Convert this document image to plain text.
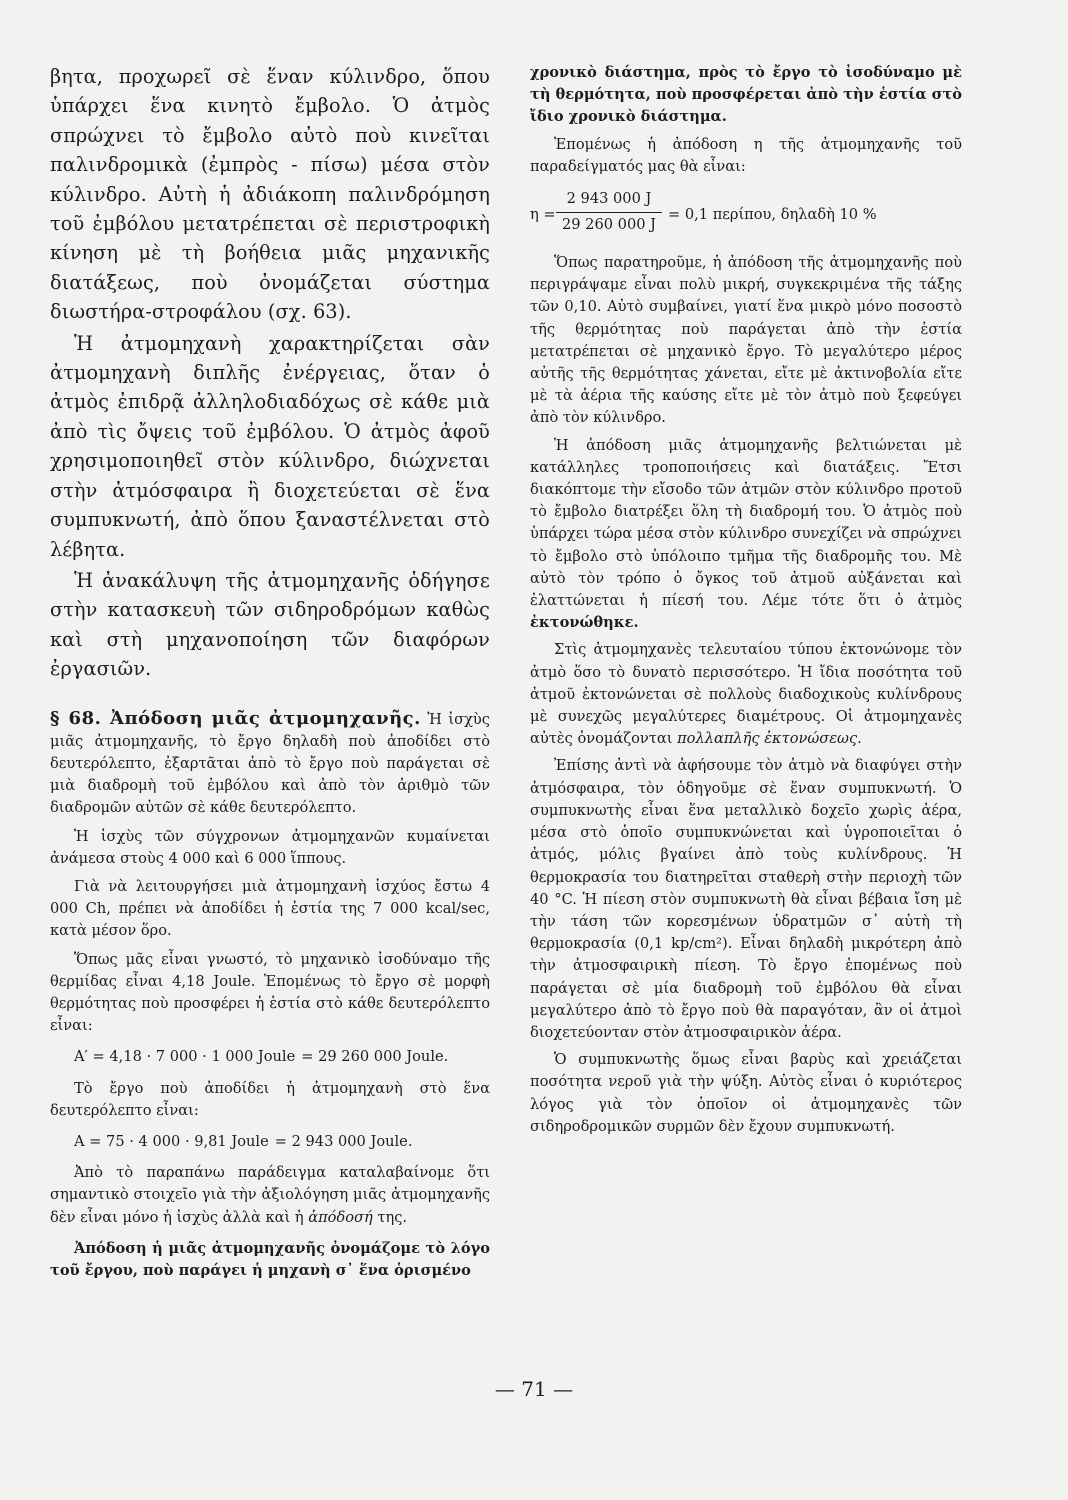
βητα, προχωρεῖ σὲ ἕναν κύλινδρο, ὅπου ὑπάρχει ἕνα κινητὸ ἔμβολο. Ὁ ἀτμὸς σπρώχνει τὸ ἔμβολο αὐτὸ ποὺ κινεῖται παλινδρομικὰ (ἐμπρὸς - πίσω) μέσα στὸν κύλινδρο. Αὐτὴ ἡ ἀδιάκοπη παλινδρόμηση τοῦ ἐμβόλου μετατρέπεται σὲ περιστροφικὴ κίνηση μὲ τὴ βοήθεια μιᾶς μηχανικῆς διατάξεως, ποὺ ὀνομάζεται σύστημα διωστήρα-στροφάλου (σχ. 63).

Ἡ ἀτμομηχανὴ χαρακτηρίζεται σὰν ἀτμομηχανὴ διπλῆς ἐνέργειας, ὅταν ὁ ἀτμὸς ἐπιδρᾷ ἀλληλοδιαδόχως σὲ κάθε μιὰ ἀπὸ τὶς ὄψεις τοῦ ἐμβόλου. Ὁ ἀτμὸς ἀφοῦ χρησιμοποιηθεῖ στὸν κύλινδρο, διώχνεται στὴν ἀτμόσφαιρα ἢ διοχετεύεται σὲ ἕνα συμπυκνωτή, ἀπὸ ὅπου ξαναστέλνεται στὸ λέβητα.

Ἡ ἀνακάλυψη τῆς ἀτμομηχανῆς ὁδήγησε στὴν κατασκευὴ τῶν σιδηροδρόμων καθὼς καὶ στὴ μηχανοποίηση τῶν διαφόρων ἐργασιῶν.

§ 68. Ἀπόδοση μιᾶς ἀτμομηχανῆς. Ἡ ἰσχὺς μιᾶς ἀτμομηχανῆς, τὸ ἔργο δηλαδὴ ποὺ ἀποδίδει στὸ δευτερόλεπτο, ἐξαρτᾶται ἀπὸ τὸ ἔργο ποὺ παράγεται σὲ μιὰ διαδρομὴ τοῦ ἐμβόλου καὶ ἀπὸ τὸν ἀριθμὸ τῶν διαδρομῶν αὐτῶν σὲ κάθε δευτερόλεπτο.

Ἡ ἰσχὺς τῶν σύγχρονων ἀτμομηχανῶν κυμαίνεται ἀνάμεσα στοὺς 4 000 καὶ 6 000 ἵππους.

Γιὰ νὰ λειτουργήσει μιὰ ἀτμομηχανὴ ἰσχύος ἔστω 4 000 Ch, πρέπει νὰ ἀποδίδει ἡ ἑστία της 7 000 kcal/sec, κατὰ μέσον ὅρο.

Ὅπως μᾶς εἶναι γνωστό, τὸ μηχανικὸ ἰσοδύναμο τῆς θερμίδας εἶναι 4,18 Joule. Ἑπομένως τὸ ἔργο σὲ μορφὴ θερμότητας ποὺ προσφέρει ἡ ἑστία στὸ κάθε δευτερόλεπτο εἶναι:

A′ = 4,18 · 7 000 · 1 000 Joule = 29 260 000 Joule.

Τὸ ἔργο ποὺ ἀποδίδει ἡ ἀτμομηχανὴ στὸ ἕνα δευτερόλεπτο εἶναι:

A = 75 · 4 000 · 9,81 Joule = 2 943 000 Joule.

Ἀπὸ τὸ παραπάνω παράδειγμα καταλαβαίνομε ὅτι σημαντικὸ στοιχεῖο γιὰ τὴν ἀξιολόγηση μιᾶς ἀτμομηχανῆς δὲν εἶναι μόνο ἡ ἰσχὺς ἀλλὰ καὶ ἡ ἀπόδοσή της.

Ἀπόδοση ἡ μιᾶς ἀτμομηχανῆς ὀνομάζομε τὸ λόγο τοῦ ἔργου, ποὺ παράγει ἡ μηχανὴ σ᾽ ἕνα ὁρισμένο

χρονικὸ διάστημα, πρὸς τὸ ἔργο τὸ ἰσοδύναμο μὲ τὴ θερμότητα, ποὺ προσφέρεται ἀπὸ τὴν ἑστία στὸ ἴδιο χρονικὸ διάστημα.

Ἑπομένως ἡ ἀπόδοση η τῆς ἀτμομηχανῆς τοῦ παραδείγματός μας θὰ εἶναι:

η =
2 943 000 J
29 260 000 J
= 0,1 περίπου, δηλαδὴ 10 %

Ὅπως παρατηροῦμε, ἡ ἀπόδοση τῆς ἀτμομηχανῆς ποὺ περιγράψαμε εἶναι πολὺ μικρή, συγκεκριμένα τῆς τάξης τῶν 0,10. Αὐτὸ συμβαίνει, γιατί ἕνα μικρὸ μόνο ποσοστὸ τῆς θερμότητας ποὺ παράγεται ἀπὸ τὴν ἑστία μετατρέπεται σὲ μηχανικὸ ἔργο. Τὸ μεγαλύτερο μέρος αὐτῆς τῆς θερμότητας χάνεται, εἴτε μὲ ἀκτινοβολία εἴτε μὲ τὰ ἀέρια τῆς καύσης εἴτε μὲ τὸν ἀτμὸ ποὺ ξεφεύγει ἀπὸ τὸν κύλινδρο.

Ἡ ἀπόδοση μιᾶς ἀτμομηχανῆς βελτιώνεται μὲ κατάλληλες τροποποιήσεις καὶ διατάξεις. Ἔτσι διακόπτομε τὴν εἴσοδο τῶν ἀτμῶν στὸν κύλινδρο προτοῦ τὸ ἔμβολο διατρέξει ὅλη τὴ διαδρομή του. Ὁ ἀτμὸς ποὺ ὑπάρχει τώρα μέσα στὸν κύλινδρο συνεχίζει νὰ σπρώχνει τὸ ἔμβολο στὸ ὑπόλοιπο τμῆμα τῆς διαδρομῆς του. Μὲ αὐτὸ τὸν τρόπο ὁ ὄγκος τοῦ ἀτμοῦ αὐξάνεται καὶ ἐλαττώνεται ἡ πίεσή του. Λέμε τότε ὅτι ὁ ἀτμὸς ἐκτονώθηκε.

Στὶς ἀτμομηχανὲς τελευταίου τύπου ἐκτονώνομε τὸν ἀτμὸ ὅσο τὸ δυνατὸ περισσότερο. Ἡ ἴδια ποσότητα τοῦ ἀτμοῦ ἐκτονώνεται σὲ πολλοὺς διαδοχικοὺς κυλίνδρους μὲ συνεχῶς μεγαλύτερες διαμέτρους. Οἱ ἀτμομηχανὲς αὐτὲς ὀνομάζονται πολλαπλῆς ἐκτονώσεως.

Ἐπίσης ἀντὶ νὰ ἀφήσουμε τὸν ἀτμὸ νὰ διαφύγει στὴν ἀτμόσφαιρα, τὸν ὁδηγοῦμε σὲ ἕναν συμπυκνωτή. Ὁ συμπυκνωτὴς εἶναι ἕνα μεταλλικὸ δοχεῖο χωρὶς ἀέρα, μέσα στὸ ὁποῖο συμπυκνώνεται καὶ ὑγροποιεῖται ὁ ἀτμός, μόλις βγαίνει ἀπὸ τοὺς κυλίνδρους. Ἡ θερμοκρασία του διατηρεῖται σταθερὴ στὴν περιοχὴ τῶν 40 °C. Ἡ πίεση στὸν συμπυκνωτὴ θὰ εἶναι βέβαια ἴση μὲ τὴν τάση τῶν κορεσμένων ὑδρατμῶν σ᾽ αὐτὴ τὴ θερμοκρασία (0,1 kp/cm²). Εἶναι δηλαδὴ μικρότερη ἀπὸ τὴν ἀτμοσφαιρικὴ πίεση. Τὸ ἔργο ἑπομένως ποὺ παράγεται σὲ μία διαδρομὴ τοῦ ἐμβόλου θὰ εἶναι μεγαλύτερο ἀπὸ τὸ ἔργο ποὺ θὰ παραγόταν, ἂν οἱ ἀτμοὶ διοχετεύονταν στὸν ἀτμοσφαιρικὸν ἀέρα.

Ὁ συμπυκνωτὴς ὅμως εἶναι βαρὺς καὶ χρειάζεται ποσότητα νεροῦ γιὰ τὴν ψύξη. Αὐτὸς εἶναι ὁ κυριότερος λόγος γιὰ τὸν ὁποῖον οἱ ἀτμομηχανὲς τῶν σιδηροδρομικῶν συρμῶν δὲν ἔχουν συμπυκνωτή.

— 71 —
